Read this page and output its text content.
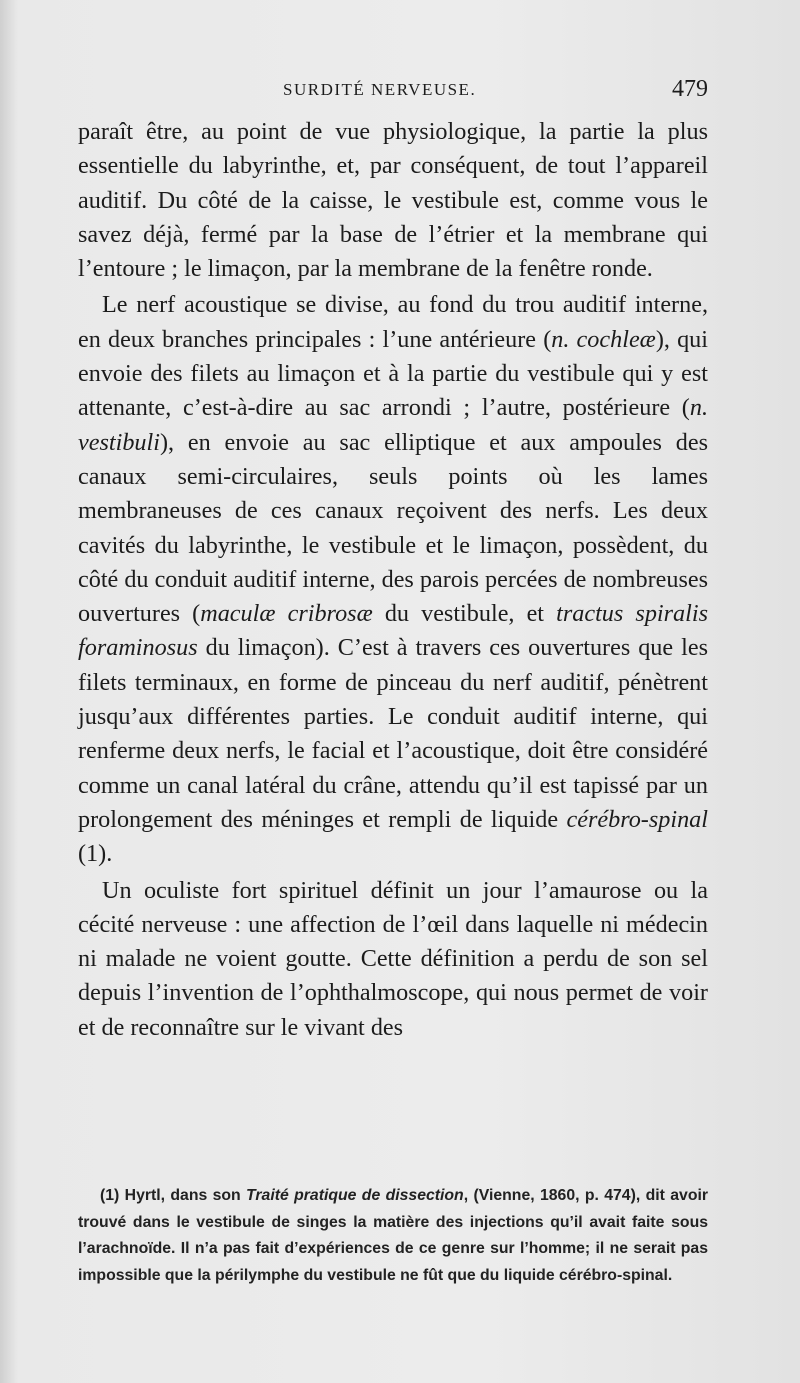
SURDITÉ NERVEUSE.	479

paraît être, au point de vue physiologique, la partie la plus essentielle du labyrinthe, et, par conséquent, de tout l’appareil auditif. Du côté de la caisse, le vestibule est, comme vous le savez déjà, fermé par la base de l’étrier et la membrane qui l’entoure ; le limaçon, par la membrane de la fenêtre ronde.

Le nerf acoustique se divise, au fond du trou auditif interne, en deux branches principales : l’une antérieure (n. cochleæ), qui envoie des filets au limaçon et à la partie du vestibule qui y est attenante, c’est-à-dire au sac arrondi ; l’autre, postérieure (n. vestibuli), en envoie au sac elliptique et aux ampoules des canaux semi-circulaires, seuls points où les lames membraneuses de ces canaux reçoivent des nerfs. Les deux cavités du labyrinthe, le vestibule et le limaçon, possèdent, du côté du conduit auditif interne, des parois percées de nombreuses ouvertures (maculæ cribrosæ du vestibule, et tractus spiralis foraminosus du limaçon). C’est à travers ces ouvertures que les filets terminaux, en forme de pinceau du nerf auditif, pénètrent jusqu’aux différentes parties. Le conduit auditif interne, qui renferme deux nerfs, le facial et l’acoustique, doit être considéré comme un canal latéral du crâne, attendu qu’il est tapissé par un prolongement des méninges et rempli de liquide cérébro-spinal (1).

Un oculiste fort spirituel définit un jour l’amaurose ou la cécité nerveuse : une affection de l’œil dans laquelle ni médecin ni malade ne voient goutte. Cette définition a perdu de son sel depuis l’invention de l’ophthalmoscope, qui nous permet de voir et de reconnaître sur le vivant des

(1) Hyrtl, dans son Traité pratique de dissection, (Vienne, 1860, p. 474), dit avoir trouvé dans le vestibule de singes la matière des injections qu’il avait faite sous l’arachnoïde. Il n’a pas fait d’expériences de ce genre sur l’homme; il ne serait pas impossible que la périlymphe du vestibule ne fût que du liquide cérébro-spinal.
